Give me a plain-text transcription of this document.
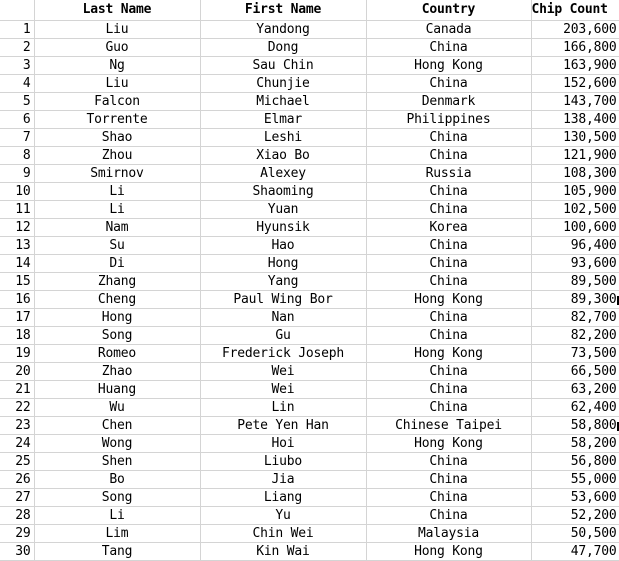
	Last Name	First Name	Country	Chip Count
1	Liu	Yandong	Canada	203,600
2	Guo	Dong	China	166,800
3	Ng	Sau Chin	Hong Kong	163,900
4	Liu	Chunjie	China	152,600
5	Falcon	Michael	Denmark	143,700
6	Torrente	Elmar	Philippines	138,400
7	Shao	Leshi	China	130,500
8	Zhou	Xiao Bo	China	121,900
9	Smirnov	Alexey	Russia	108,300
10	Li	Shaoming	China	105,900
11	Li	Yuan	China	102,500
12	Nam	Hyunsik	Korea	100,600
13	Su	Hao	China	96,400
14	Di	Hong	China	93,600
15	Zhang	Yang	China	89,500
16	Cheng	Paul Wing Bor	Hong Kong	89,300
17	Hong	Nan	China	82,700
18	Song	Gu	China	82,200
19	Romeo	Frederick Joseph	Hong Kong	73,500
20	Zhao	Wei	China	66,500
21	Huang	Wei	China	63,200
22	Wu	Lin	China	62,400
23	Chen	Pete Yen Han	Chinese Taipei	58,800
24	Wong	Hoi	Hong Kong	58,200
25	Shen	Liubo	China	56,800
26	Bo	Jia	China	55,000
27	Song	Liang	China	53,600
28	Li	Yu	China	52,200
29	Lim	Chin Wei	Malaysia	50,500
30	Tang	Kin Wai	Hong Kong	47,700
